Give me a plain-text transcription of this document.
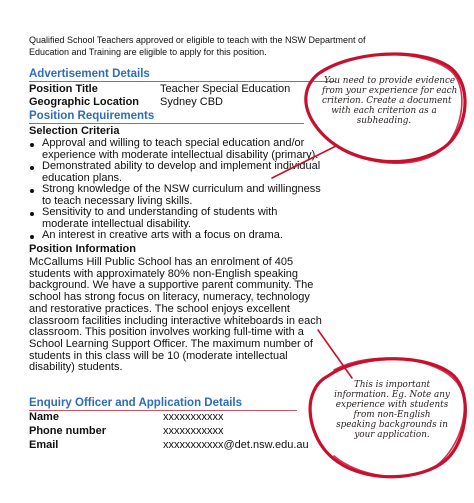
Qualified School Teachers approved or eligible to teach with the NSW Department of

Education and Training are eligible to apply for this position.

Advertisement Details

Position Title	Teacher Special Education

Geographic Location Sydney CBD

Position Requirements

Selection Criteria

Approval and willing to teach special education and/or

experience with moderate intellectual disability (primary).

Demonstrated ability to develop and implement individual

education plans.

Strong knowledge of the NSW curriculum and willingness

to teach necessary living skills.

Sensitivity to and understanding of students with

moderate intellectual disability.

An interest in creative arts with a focus on drama.

Position Information

McCallums Hill Public School has an enrolment of 405

students with approximately 80% non-English speaking

background. We have a supportive parent community. The

school has strong focus on literacy, numeracy, technology

and restorative practices. The school enjoys excellent

classroom facilities including interactive whiteboards in each

classroom. This position involves working full-time with a

School Learning Support Officer. The maximum number of

students in this class will be 10 (moderate intellectual

disability) students.

Enquiry Officer and Application Details

Name	xxxxxxxxxxx

Phone number	xxxxxxxxxxx

Email	xxxxxxxxxxx@det.nsw.edu.au

You need to provide evidence

from your experience for each

criterion. Create a document

with each criterion as a

subheading.

This is important

information. Eg. Note any

experience with students

from non-English

speaking backgrounds in

your application.
